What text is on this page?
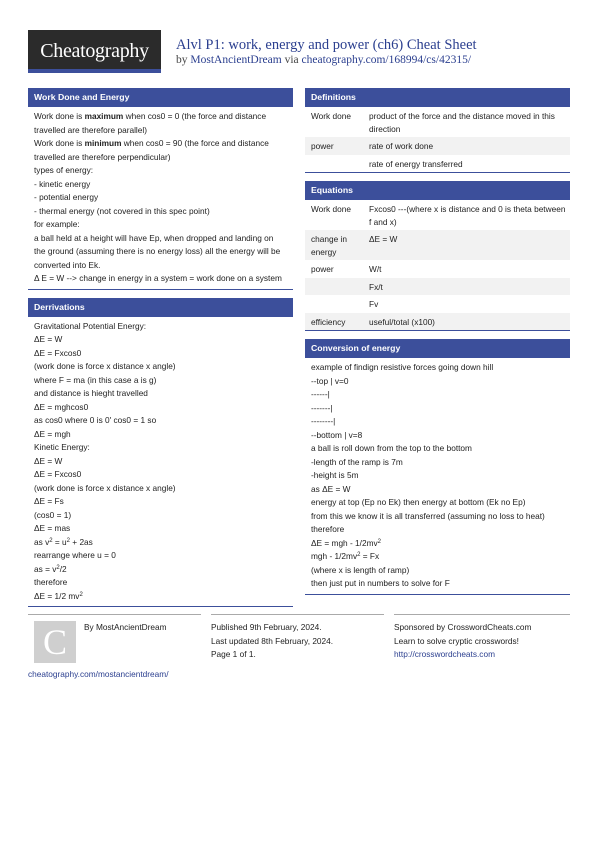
Cheatography	Alvl P1: work, energy and power (ch6) Cheat Sheet
by MostAncientDream via cheatography.com/168994/cs/42315/
Work Done and Energy
Work done is maximum when cos0 = 0 (the force and distance travelled are therefore parallel)
Work done is minimum when cos0 = 90 (the force and distance travelled are therefore perpendicular)
types of energy:
- kinetic energy
- potential energy
- thermal energy (not covered in this spec point)
for example:
a ball held at a height will have Ep, when dropped and landing on the ground (assuming there is no energy loss) all the energy will be converted into Ek.
Δ E = W --> change in energy in a system = work done on a system
Derrivations
Gravitational Potential Energy:
ΔE = W
ΔE = Fxcos0
(work done is force x distance x angle)
where F = ma (in this case a is g)
and distance is hieght travelled
ΔE = mghcos0
as cos0 where 0 is 0' cos0 = 1 so
ΔE = mgh
Kinetic Energy:
ΔE = W
ΔE = Fxcos0
(work done is force x distance x angle)
ΔE = Fs
(cos0 = 1)
ΔE = mas
as $v^2 = u^2 + 2as$
rearrange where u = 0
as = $v^2/2$
therefore
ΔE = 1/2 $mv^2$
Definitions
Work done	product of the force and the distance moved in this direction
power	rate of work done
	rate of energy transferred
Equations
Work done	Fxcos0 ---(where x is distance and 0 is theta between f and x)
change in energy	ΔE = W
power	W/t
	Fx/t
	Fv
efficiency	useful/total (x100)
Conversion of energy
example of findign resistive forces going down hill
--top | v=0
------|
-------|
--------|
--bottom | v=8
a ball is roll down from the top to the bottom
-length of the ramp is 7m
-height is 5m
as ΔE = W
energy at top (Ep no Ek) then energy at bottom (Ek no Ep)
from this we know it is all transferred (assuming no loss to heat)
therefore
ΔE = mgh - $1/2mv^2$
mgh - $1/2mv^2 = Fx$
(where x is length of ramp)
then just put in numbers to solve for F
C	By MostAncientDream	Published 9th February, 2024.
Last updated 8th February, 2024.
Page 1 of 1.
Sponsored by CrosswordCheats.com
Learn to solve cryptic crosswords!
http://crosswordcheats.com
cheatography.com/mostancientdream/
